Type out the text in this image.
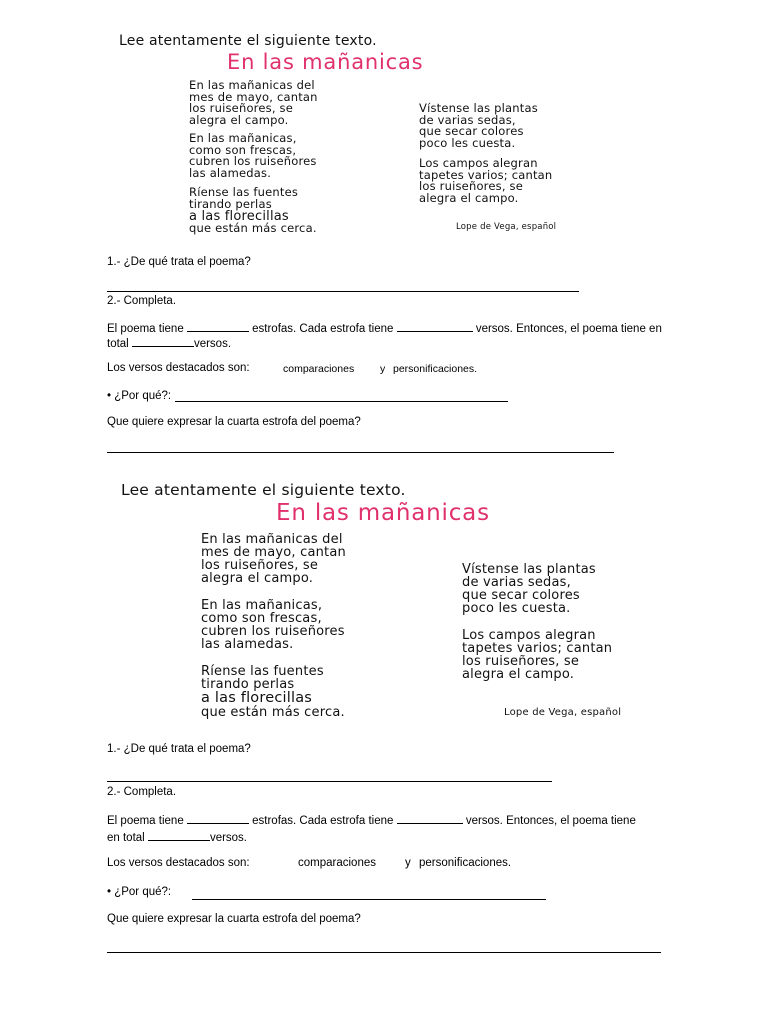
Lee atentamente el siguiente texto.
En las mañanicas
En las mañanicas del
mes de mayo, cantan
los ruiseñores, se
alegra el campo.
En las mañanicas,
como son frescas,
cubren los ruiseñores
las alamedas.
Ríense las fuentes
tirando perlas
a las florecillas
que están más cerca.
Vístense las plantas
de varias sedas,
que secar colores
poco les cuesta.
Los campos alegran
tapetes varios; cantan
los ruiseñores, se
alegra el campo.
Lope de Vega, español
1.- ¿De qué trata el poema?
2.- Completa.
El poema tiene	estrofas. Cada estrofa tiene	versos. Entonces, el poema tiene en
total	versos.
Los versos destacados son:	comparaciones y personificaciones.
• ¿Por qué?:
Que quiere expresar la cuarta estrofa del poema?
Lee atentamente el siguiente texto.
En las mañanicas
En las mañanicas del
mes de mayo, cantan
los ruiseñores, se
alegra el campo.
En las mañanicas,
como son frescas,
cubren los ruiseñores
las alamedas.
Ríense las fuentes
tirando perlas
a las florecillas
que están más cerca.
Vístense las plantas
de varias sedas,
que secar colores
poco les cuesta.
Los campos alegran
tapetes varios; cantan
los ruiseñores, se
alegra el campo.
Lope de Vega, español
1.- ¿De qué trata el poema?
2.- Completa.
El poema tiene	estrofas. Cada estrofa tiene	versos. Entonces, el poema tiene
en total	versos.
Los versos destacados son:	comparaciones	y personificaciones.
• ¿Por qué?:
Que quiere expresar la cuarta estrofa del poema?
